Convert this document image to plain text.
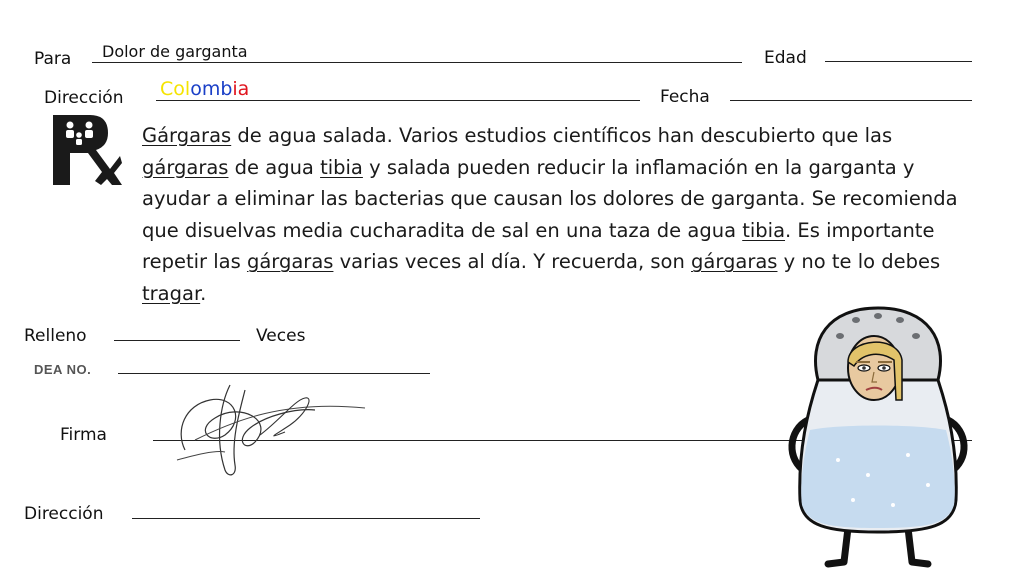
Para Dolor de garganta	Edad
Dirección Colombia	Fecha
Gárgaras de agua salada. Varios estudios científicos han descubierto que las gárgaras de agua tibia y salada pueden reducir la inflamación en la garganta y ayudar a eliminar las bacterias que causan los dolores de garganta. Se recomienda que disuelvas media cucharadita de sal en una taza de agua tibia. Es importante repetir las gárgaras varias veces al día. Y recuerda, son gárgaras y no te lo debes tragar.
Relleno	Veces
DEA NO.
Firma
Dirección
